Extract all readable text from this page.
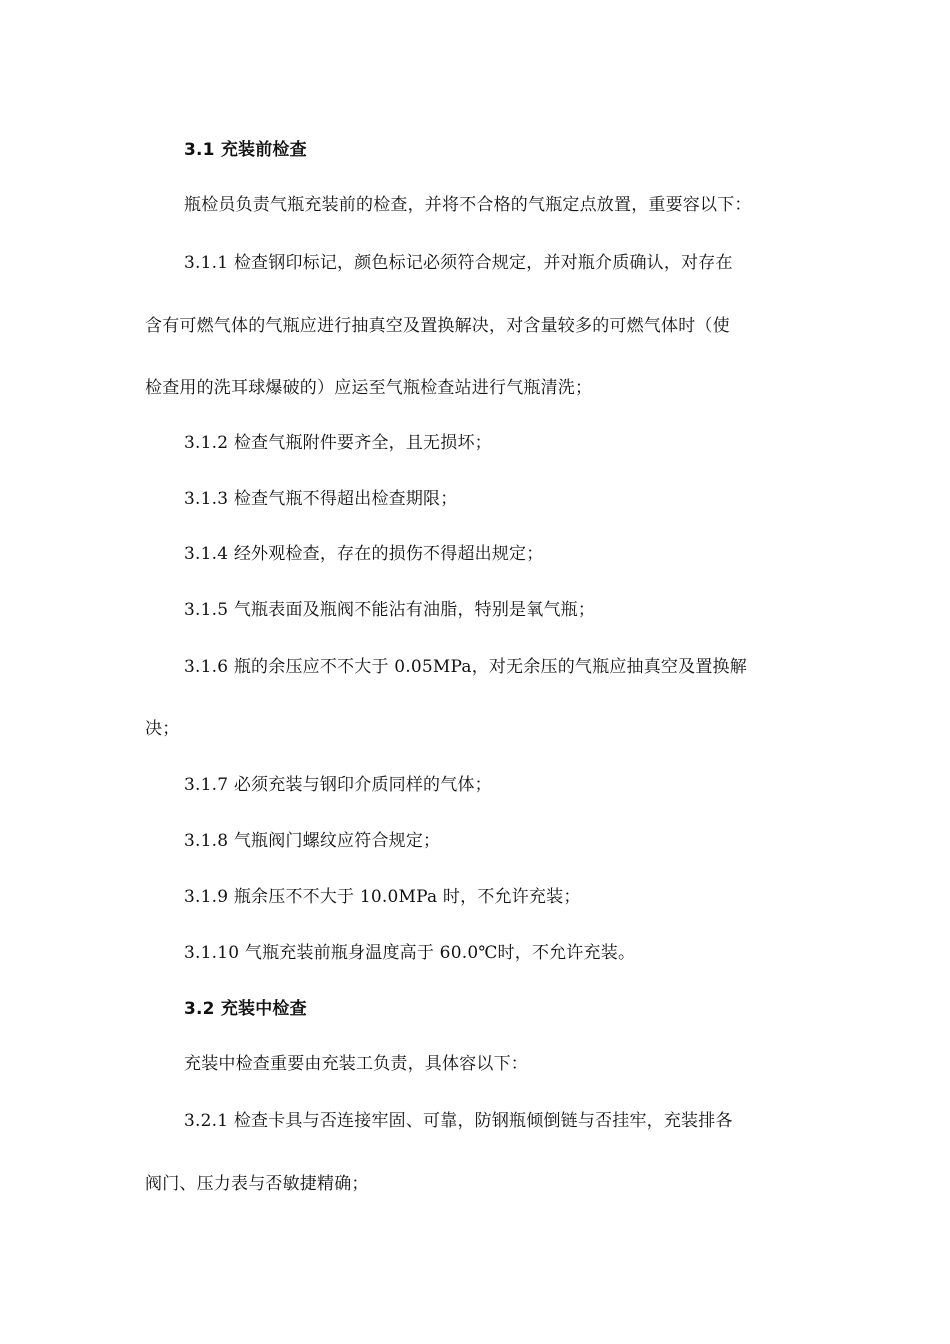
3.1 充装前检查
瓶检员负责气瓶充装前的检查，并将不合格的气瓶定点放置，重要容以下：
3.1.1 检查钢印标记，颜色标记必须符合规定，并对瓶介质确认，对存在
含有可燃气体的气瓶应进行抽真空及置换解决，对含量较多的可燃气体时（使
检查用的洗耳球爆破的）应运至气瓶检查站进行气瓶清洗；
3.1.2 检查气瓶附件要齐全，且无损坏；
3.1.3 检查气瓶不得超出检查期限；
3.1.4 经外观检查，存在的损伤不得超出规定；
3.1.5 气瓶表面及瓶阀不能沾有油脂，特别是氧气瓶；
3.1.6 瓶的余压应不不大于 0.05MPa，对无余压的气瓶应抽真空及置换解
决；
3.1.7 必须充装与钢印介质同样的气体；
3.1.8 气瓶阀门螺纹应符合规定；
3.1.9 瓶余压不不大于 10.0MPa 时，不允许充装；
3.1.10 气瓶充装前瓶身温度高于 60.0℃时，不允许充装。
3.2 充装中检查
充装中检查重要由充装工负责，具体容以下：
3.2.1 检查卡具与否连接牢固、可靠，防钢瓶倾倒链与否挂牢，充装排各
阀门、压力表与否敏捷精确；
